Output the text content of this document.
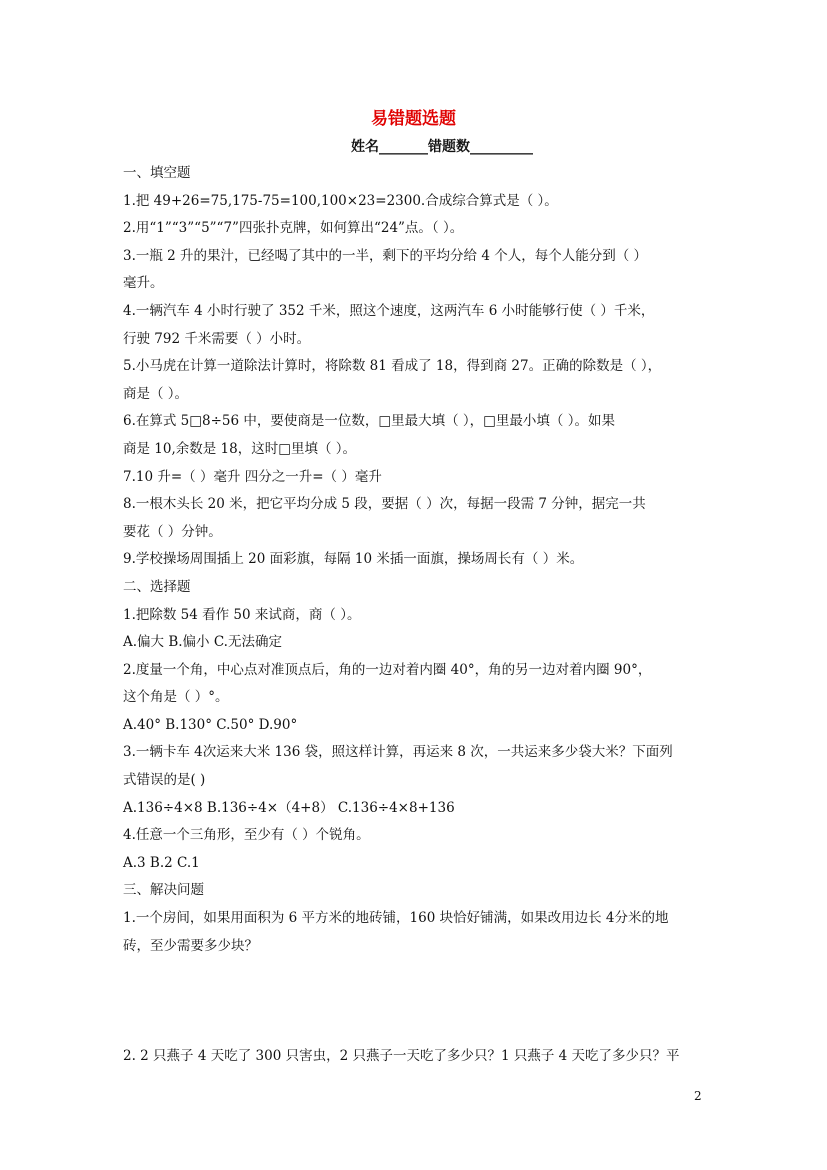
易错题选题
姓名_______错题数_________
一、填空题
1.把 49+26=75,175-75=100,100×23=2300.合成综合算式是（ ）。
2.用“1”“3”“5”“7”四张扑克牌，如何算出“24”点。（ ）。
3.一瓶 2 升的果汁，已经喝了其中的一半，剩下的平均分给 4 个人，每个人能分到（ ）
毫升。
4.一辆汽车 4 小时行驶了 352 千米，照这个速度，这两汽车 6 小时能够行使（ ）千米，
行驶 792 千米需要（ ）小时。
5.小马虎在计算一道除法计算时，将除数 81 看成了 18，得到商 27。正确的除数是（ ），
商是（ ）。
6.在算式 5□8÷56 中，要使商是一位数，□里最大填（ ），□里最小填（ ）。如果
商是 10,余数是 18，这时□里填（ ）。
7.10 升=（ ）毫升 四分之一升=（ ）毫升
8.一根木头长 20 米，把它平均分成 5 段，要据（ ）次，每据一段需 7 分钟，据完一共
要花（ ）分钟。
9.学校操场周围插上 20 面彩旗，每隔 10 米插一面旗，操场周长有（ ）米。
二、选择题
1.把除数 54 看作 50 来试商，商（ ）。
A.偏大 B.偏小 C.无法确定
2.度量一个角，中心点对准顶点后，角的一边对着内圈 40°，角的另一边对着内圈 90°，
这个角是（ ）°。
A.40° B.130° C.50° D.90°
3.一辆卡车 4次运来大米 136 袋，照这样计算，再运来 8 次，一共运来多少袋大米？下面列
式错误的是( )
A.136÷4×8 B.136÷4×（4+8） C.136÷4×8+136
4.任意一个三角形，至少有（ ）个锐角。
A.3 B.2 C.1
三、解决问题
1.一个房间，如果用面积为 6 平方米的地砖铺，160 块恰好铺满，如果改用边长 4分米的地
砖，至少需要多少块？

2. 2 只燕子 4 天吃了 300 只害虫，2 只燕子一天吃了多少只？1 只燕子 4 天吃了多少只？平
2
